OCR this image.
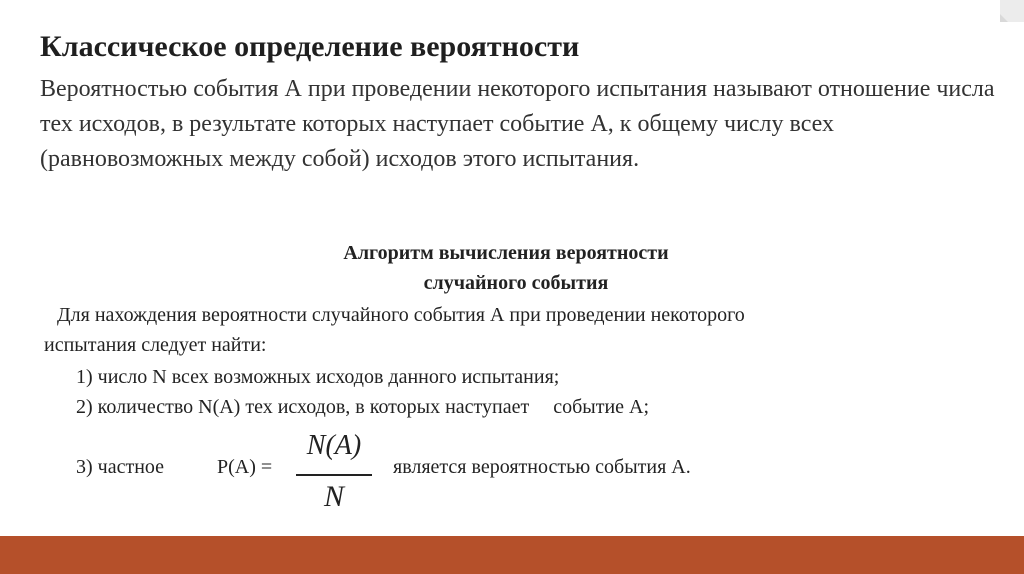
Классическое определение вероятности

Вероятностью события А при проведении некоторого испытания называют отношение числа тех исходов, в результате которых наступает событие А, к общему числу всех (равновозможных между собой) исходов этого испытания.

Алгоритм вычисления вероятности
случайного события
Для нахождения вероятности случайного события А при проведении некоторого
испытания следует найти:
1) число N всех возможных исходов данного испытания;
2) количество N(A) тех исходов, в которых наступает событие А;
3) частное	P(A) =
N(A)
N
является вероятностью события А.
